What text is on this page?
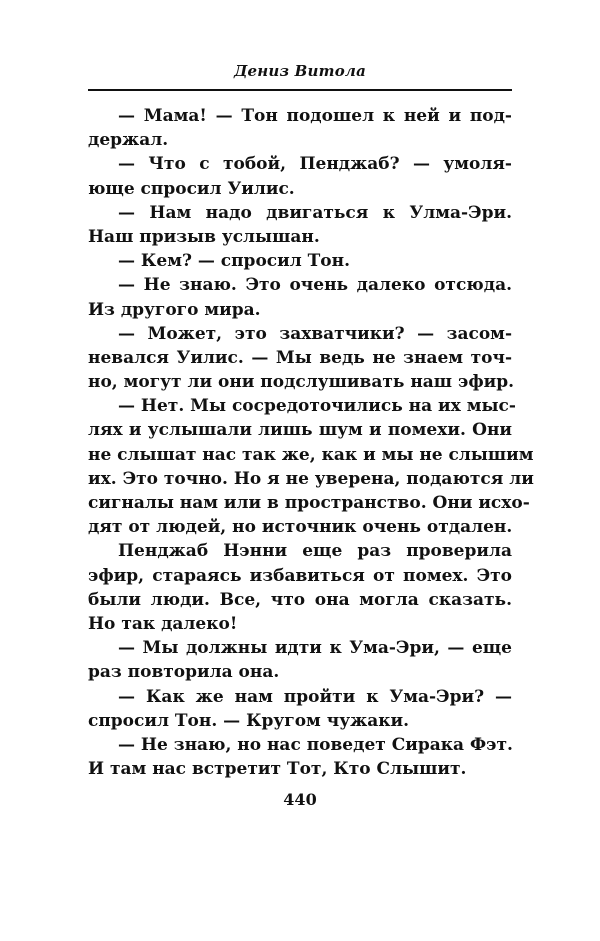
Дениз Витола
— Мама! — Тон подошел к ней и под-
держал.
— Что с тобой, Пенджаб? — умоля-
юще спросил Уилис.
— Нам надо двигаться к Улма-Эри.
Наш призыв услышан.
— Кем? — спросил Тон.
— Не знаю. Это очень далеко отсюда.
Из другого мира.
— Может, это захватчики? — засом-
невался Уилис. — Мы ведь не знаем точ-
но, могут ли они подслушивать наш эфир.
— Нет. Мы сосредоточились на их мыс-
лях и услышали лишь шум и помехи. Они
не слышат нас так же, как и мы не слышим
их. Это точно. Но я не уверена, подаются ли
сигналы нам или в пространство. Они исхо-
дят от людей, но источник очень отдален.
Пенджаб Нэнни еще раз проверила
эфир, стараясь избавиться от помех. Это
были люди. Все, что она могла сказать.
Но так далеко!
— Мы должны идти к Ума-Эри, — еще
раз повторила она.
— Как же нам пройти к Ума-Эри? —
спросил Тон. — Кругом чужаки.
— Не знаю, но нас поведет Сирака Фэт.
И там нас встретит Тот, Кто Слышит.
440
